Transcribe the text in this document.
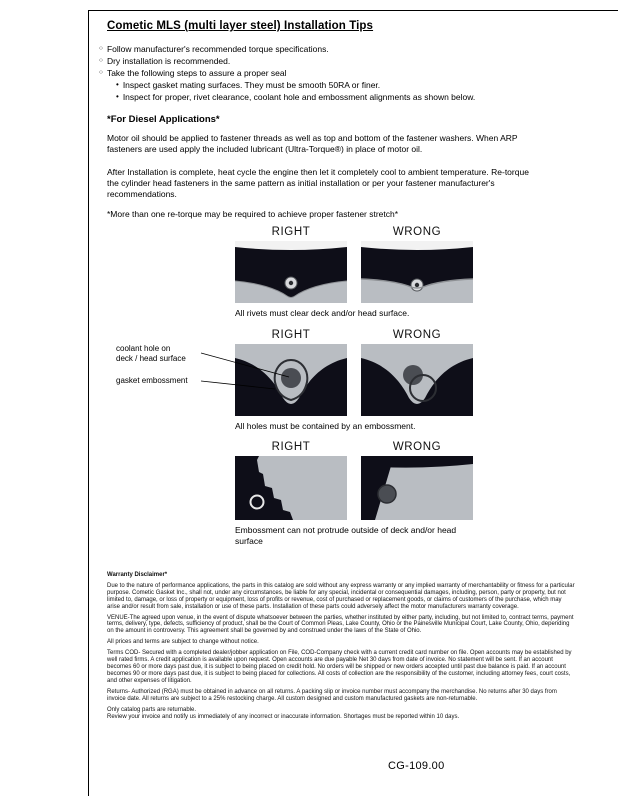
Cometic MLS (multi layer steel) Installation Tips
○ Follow manufacturer's recommended torque specifications.
○ Dry installation is recommended.
○ Take the following steps to assure a proper seal
• Inspect gasket mating surfaces. They must be smooth 50RA or finer.
• Inspect for proper, rivet clearance, coolant hole and embossment alignments as shown below.
*For Diesel Applications*

Motor oil should be applied to fastener threads as well as top and bottom of the fastener washers. When ARP fasteners are used apply the included lubricant (Ultra-Torque®) in place of motor oil.

After Installation is complete, heat cycle the engine then let it completely cool to ambient temperature. Re-torque the cylinder head fasteners in the same pattern as initial installation or per your fastener manufacturer's recommendations.

*More than one re-torque may be required to achieve proper fastener stretch*

RIGHT	WRONG
All rivets must clear deck and/or head surface.
coolant hole on
deck / head surface
gasket embossment
RIGHT	WRONG
All holes must be contained by an embossment.
RIGHT	WRONG
Embossment can not protrude outside of deck and/or head surface
Warranty Disclaimer*

Due to the nature of performance applications, the parts in this catalog are sold without any express warranty or any implied warranty of merchantability or fitness for a particular purpose. Cometic Gasket Inc., shall not, under any circumstances, be liable for any special, incidental or consequential damages, including, person, party or property, but not limited to, damage, or loss of property or equipment, loss of profits or revenue, cost of purchased or replacement goods, or claims of customers of the purchase, which may arise and/or result from sale, installation or use of these parts. Installation of these parts could adversely affect the motor manufacturers warranty coverage.

VENUE-The agreed upon venue, in the event of dispute whatsoever between the parties, whether instituted by either party, including, but not limited to, contract terms, payment terms, delivery, type, defects, sufficiency of product, shall be the Court of Common Pleas, Lake County, Ohio or the Painesville Municipal Court, Lake County, Ohio, depending on the amount in controversy. This agreement shall be governed by and construed under the laws of the State of Ohio.

All prices and terms are subject to change without notice.

Terms COD- Secured with a completed dealer/jobber application on File, COD-Company check with a current credit card number on file. Open accounts may be established by well rated firms. A credit application is available upon request. Open accounts are due payable Net 30 days from date of invoice. No statement will be sent. If an account becomes 60 or more days past due, it is subject to being placed on credit hold. No orders will be shipped or new orders accepted until past due balance is paid. If an account becomes 90 or more days past due, it is subject to being placed for collections. All costs of collection are the responsibility of the customer, including attorney fees, court costs, and other expenses of litigation.

Returns- Authorized (RGA) must be obtained in advance on all returns. A packing slip or invoice number must accompany the merchandise. No returns after 30 days from invoice date. All returns are subject to a 25% restocking charge. All custom designed and custom manufactured gaskets are non-returnable.

Only catalog parts are returnable.

Review your invoice and notify us immediately of any incorrect or inaccurate information. Shortages must be reported within 10 days.

CG-109.00
